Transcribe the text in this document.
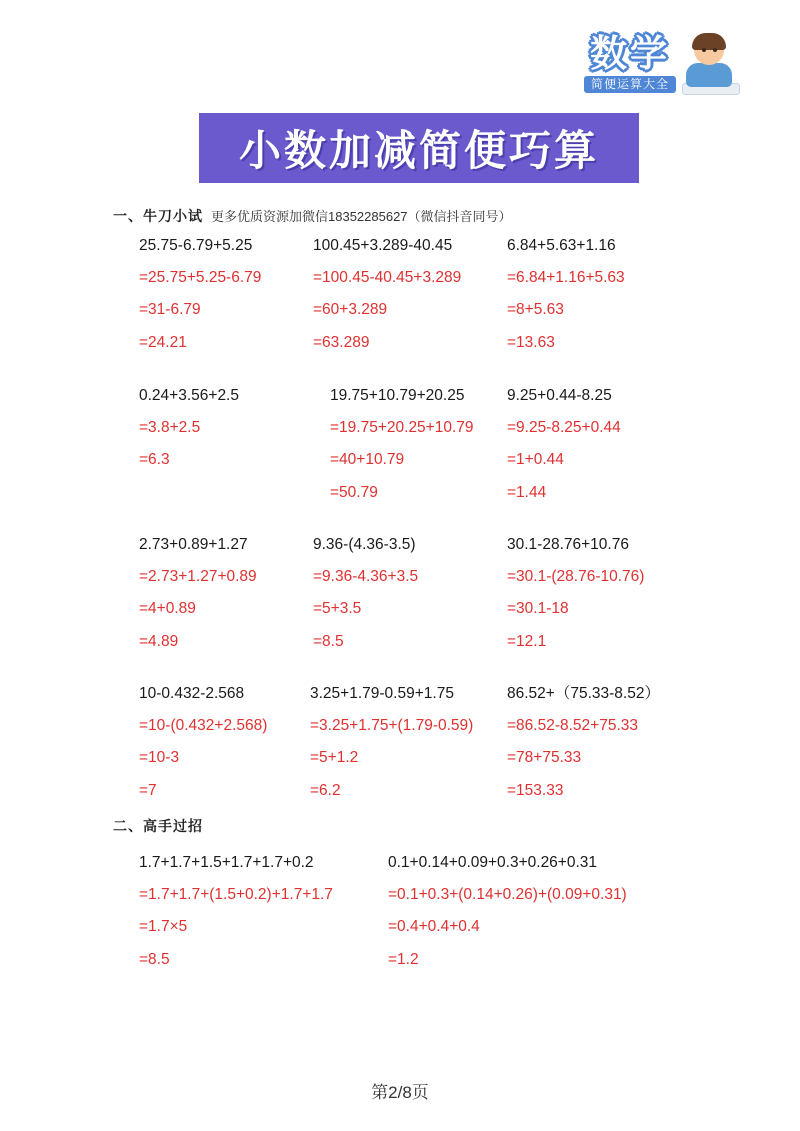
数学
简便运算大全
小数加减简便巧算
一、牛刀小试 更多优质资源加微信18352285627（微信抖音同号）
二、高手过招
25.75-6.79+5.25
=25.75+5.25-6.79
=31-6.79
=24.21
100.45+3.289-40.45
=100.45-40.45+3.289
=60+3.289
=63.289
6.84+5.63+1.16
=6.84+1.16+5.63
=8+5.63
=13.63
0.24+3.56+2.5
=3.8+2.5
=6.3
19.75+10.79+20.25
=19.75+20.25+10.79
=40+10.79
=50.79
9.25+0.44-8.25
=9.25-8.25+0.44
=1+0.44
=1.44
2.73+0.89+1.27
=2.73+1.27+0.89
=4+0.89
=4.89
9.36-(4.36-3.5)
=9.36-4.36+3.5
=5+3.5
=8.5
30.1-28.76+10.76
=30.1-(28.76-10.76)
=30.1-18
=12.1
10-0.432-2.568
=10-(0.432+2.568)
=10-3
=7
3.25+1.79-0.59+1.75
=3.25+1.75+(1.79-0.59)
=5+1.2
=6.2
86.52+（75.33-8.52）
=86.52-8.52+75.33
=78+75.33
=153.33
1.7+1.7+1.5+1.7+1.7+0.2
=1.7+1.7+(1.5+0.2)+1.7+1.7
=1.7×5
=8.5
0.1+0.14+0.09+0.3+0.26+0.31
=0.1+0.3+(0.14+0.26)+(0.09+0.31)
=0.4+0.4+0.4
=1.2
第2/8页
